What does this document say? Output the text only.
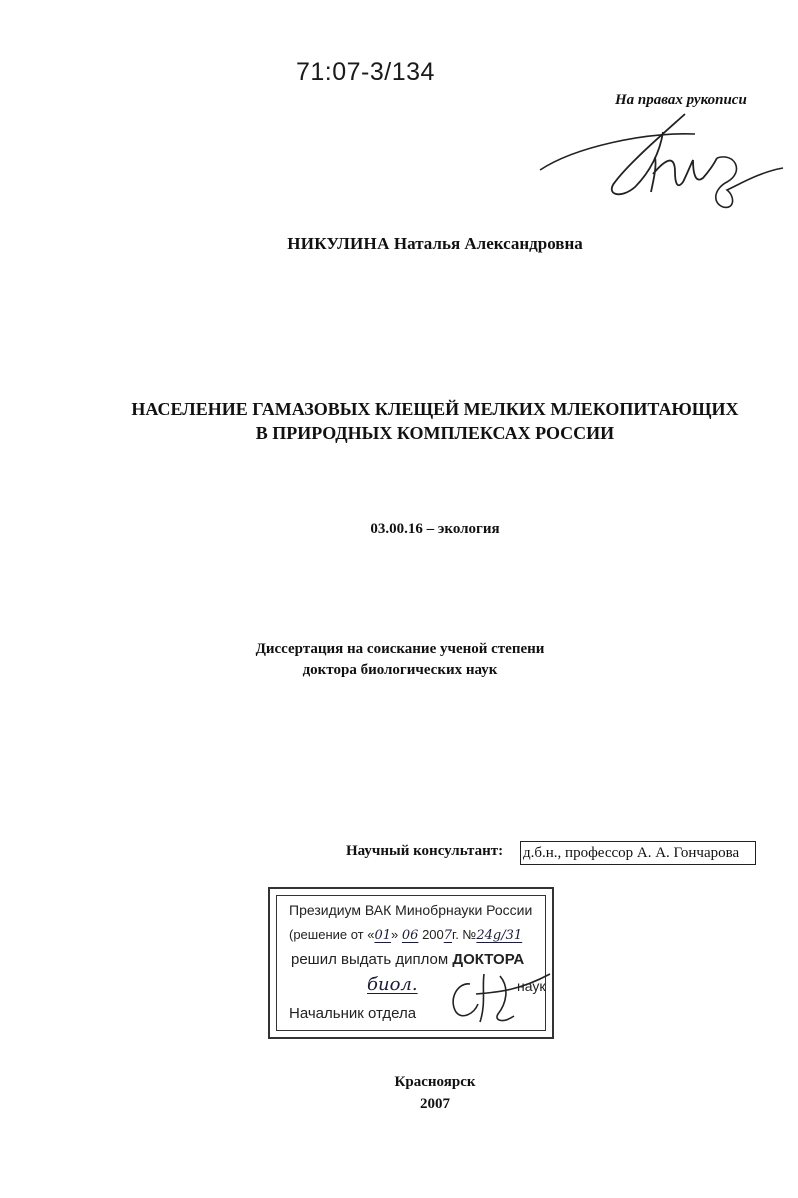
71:07-3/134
На правах рукописи
НИКУЛИНА Наталья Александровна
НАСЕЛЕНИЕ ГАМАЗОВЫХ КЛЕЩЕЙ МЕЛКИХ МЛЕКОПИТАЮЩИХ
В ПРИРОДНЫХ КОМПЛЕКСАХ РОССИИ
03.00.16 – экология
Диссертация на соискание ученой степени
доктора биологических наук
Научный консультант: д.б.н., профессор А. А. Гончарова
Президиум ВАК Минобрнауки России
(решение от «01» 06 2007г. №24g/31
решил выдать диплом ДОКТОРА
биол.	наук
Начальник отдела
Красноярск
2007
